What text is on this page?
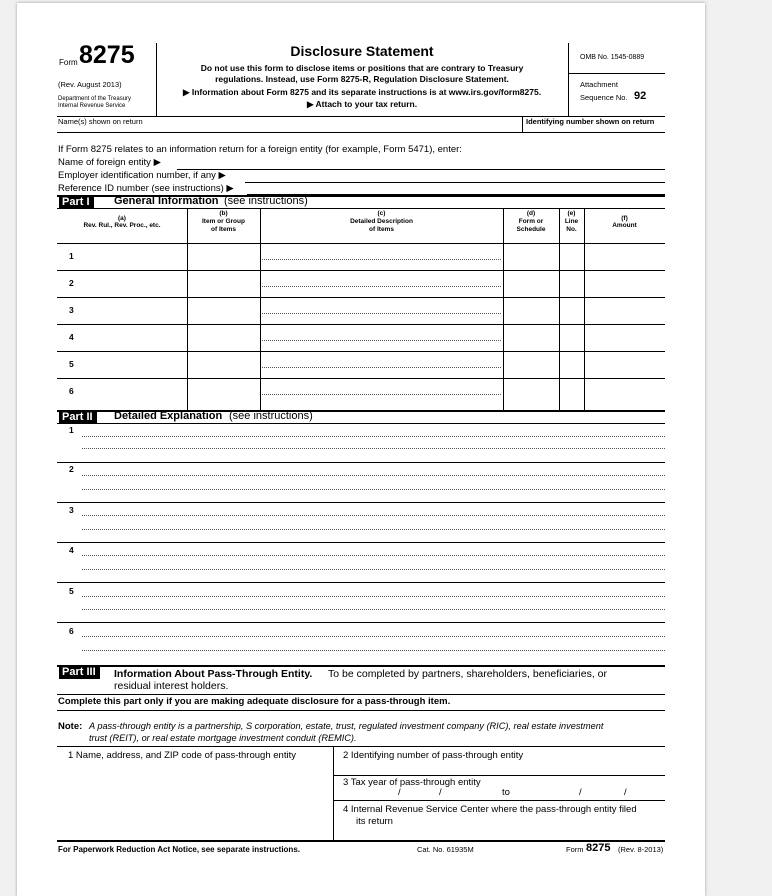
Form 8275
(Rev. August 2013)
Department of the Treasury
Internal Revenue Service
Disclosure Statement
Do not use this form to disclose items or positions that are contrary to Treasury
regulations. Instead, use Form 8275-R, Regulation Disclosure Statement.
▶ Information about Form 8275 and its separate instructions is at www.irs.gov/form8275.
▶ Attach to your tax return.
OMB No. 1545-0889
Attachment
Sequence No. 92
Name(s) shown on return	Identifying number shown on return
If Form 8275 relates to an information return for a foreign entity (for example, Form 5471), enter:
Name of foreign entity ▶
Employer identification number, if any ▶
Reference ID number (see instructions) ▶
Part I	General Information (see instructions)
(a)
Rev. Rul., Rev. Proc., etc.
(b)
Item or Group
of Items
(c)
Detailed Description
of Items
(d)
Form or
Schedule
(e)
Line
No.
(f)
Amount
1
2
3
4
5
6
Part II	Detailed Explanation (see instructions)
1
2
3
4
5
6
Part III	Information About Pass-Through Entity. To be completed by partners, shareholders, beneficiaries, or
residual interest holders.
Complete this part only if you are making adequate disclosure for a pass-through item.
Note: A pass-through entity is a partnership, S corporation, estate, trust, regulated investment company (RIC), real estate investment
trust (REIT), or real estate mortgage investment conduit (REMIC).
1 Name, address, and ZIP code of pass-through entity	2 Identifying number of pass-through entity
3 Tax year of pass-through entity
/	/	to	/	/
4 Internal Revenue Service Center where the pass-through entity filed
its return
For Paperwork Reduction Act Notice, see separate instructions.	Cat. No. 61935M	Form 8275 (Rev. 8-2013)
